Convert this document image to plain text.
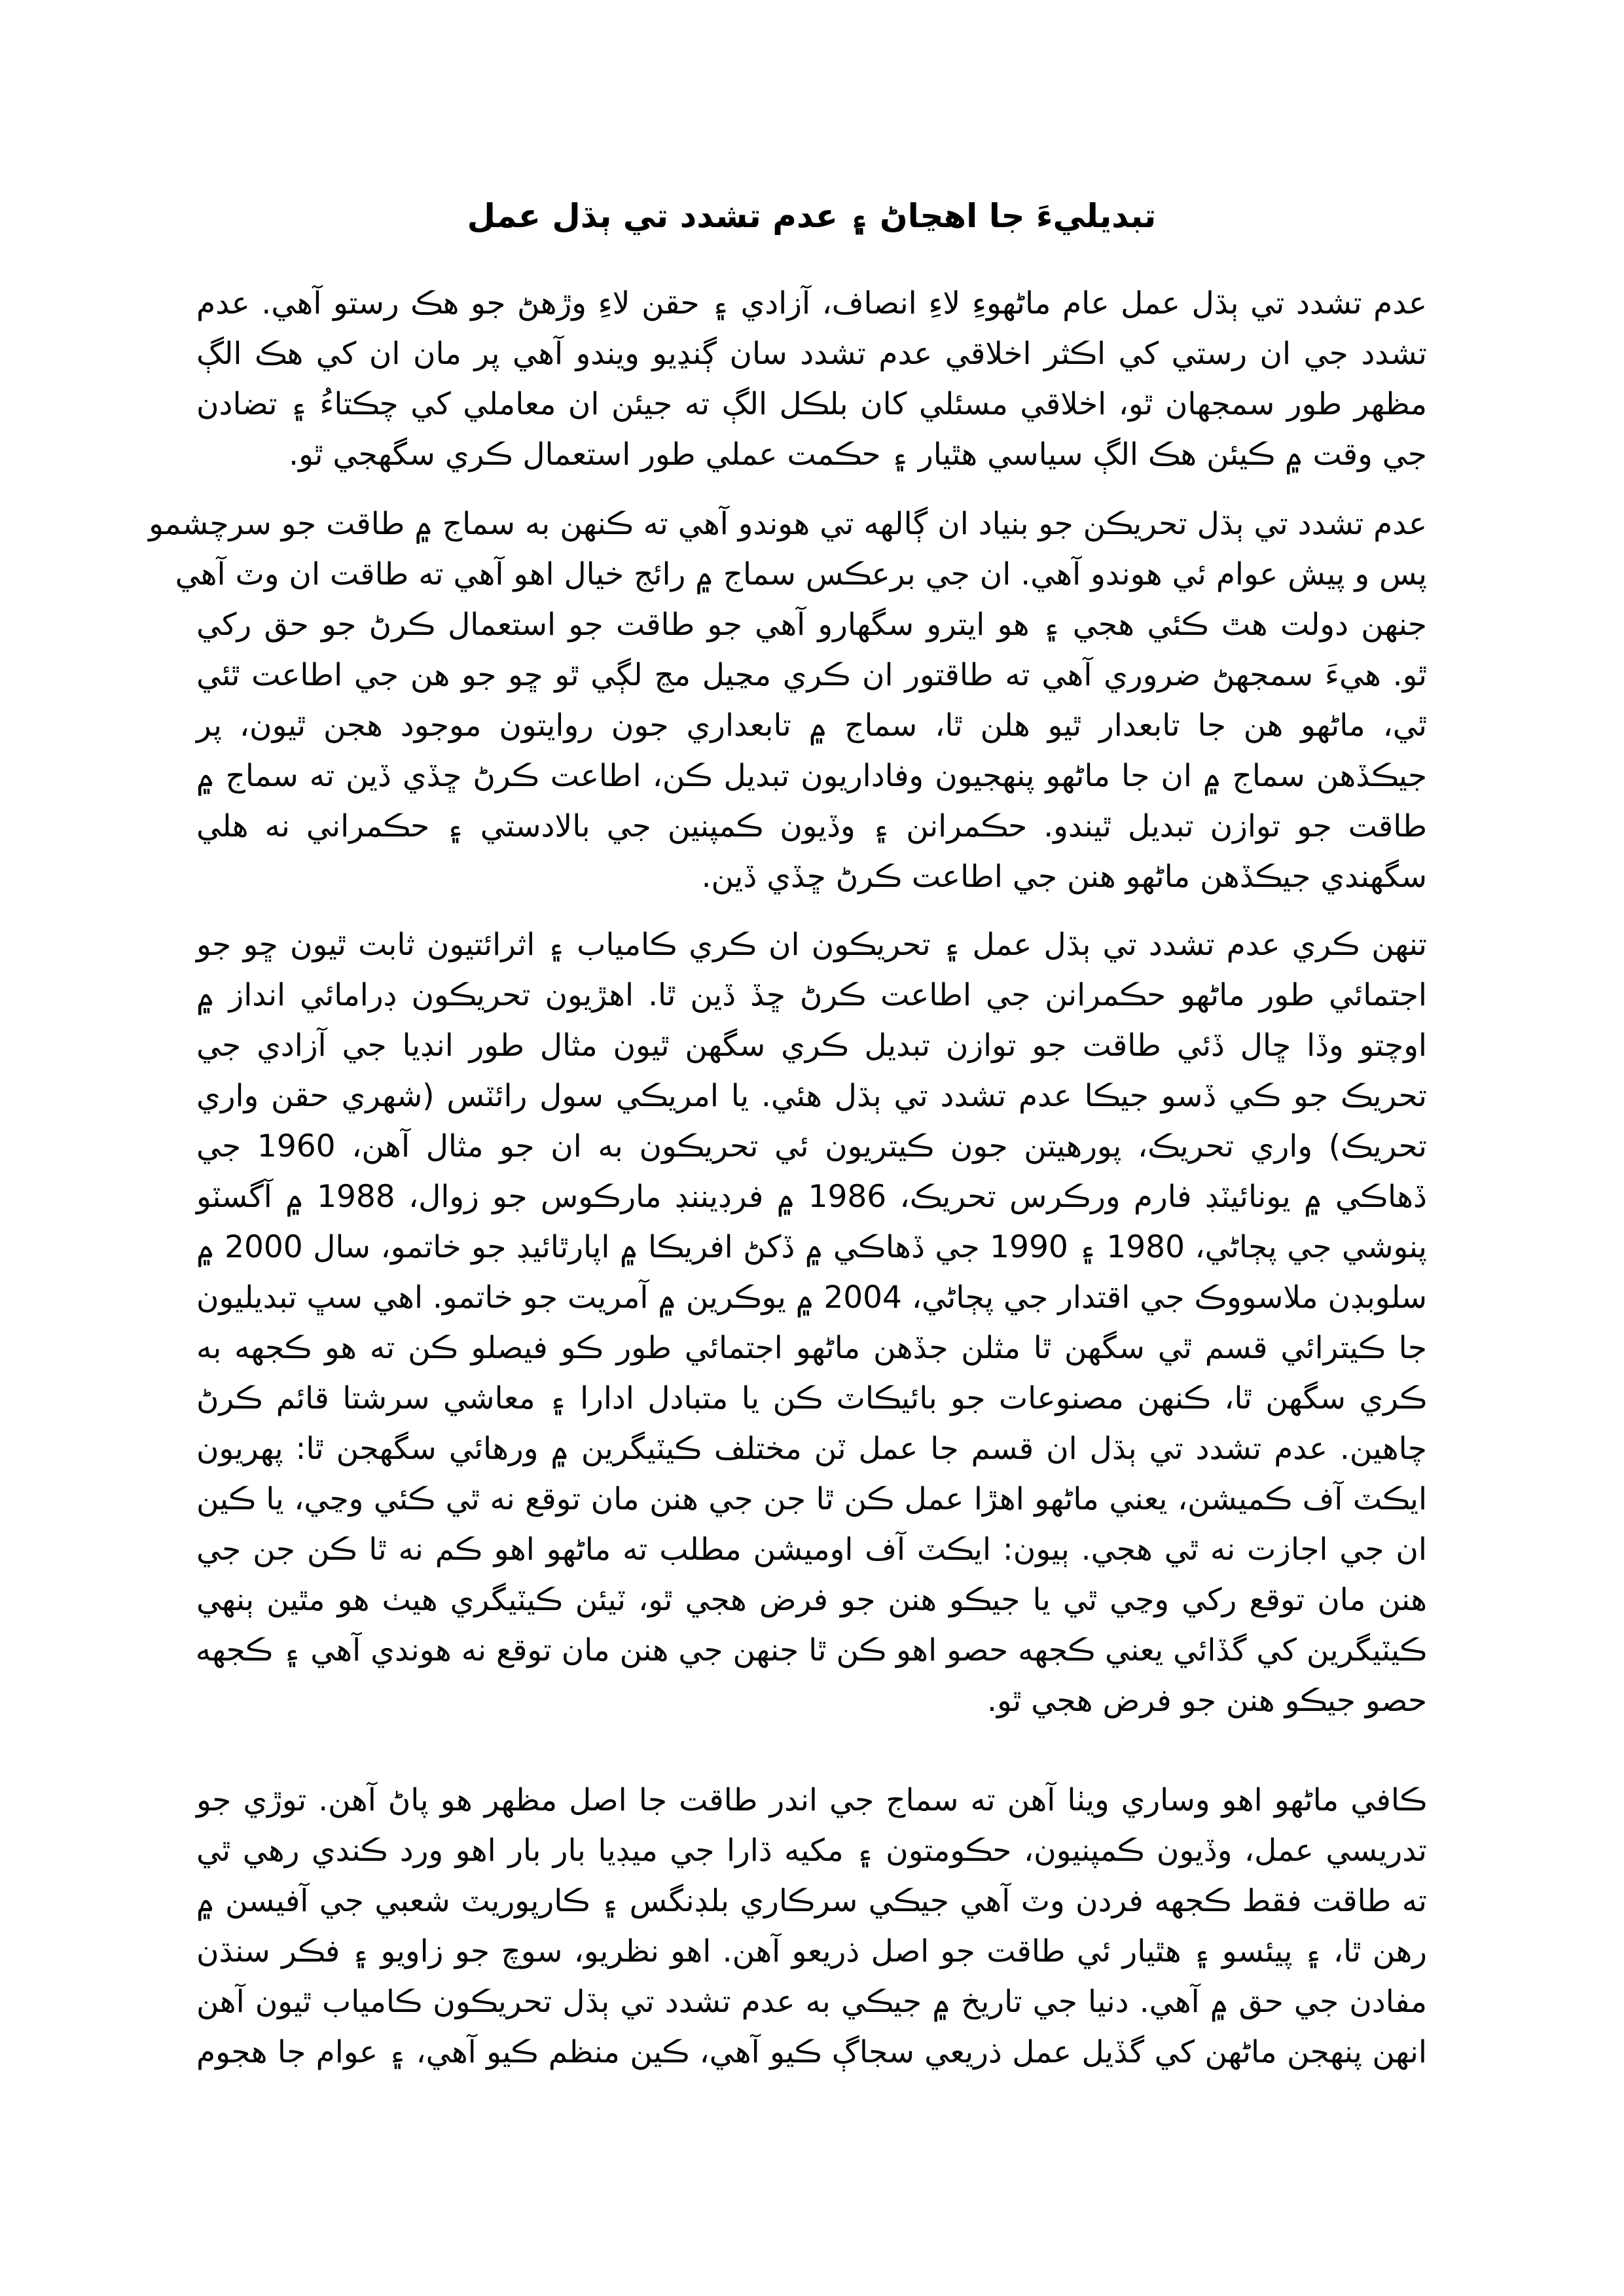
تبديليءَ جا اهڃاڻ ۽ عدم تشدد تي ٻڌل عمل
عدم تشدد تي ٻڌل عمل عام ماڻهوءِ لاءِ انصاف، آزادي ۽ حقن لاءِ وڙهڻ جو هڪ رستو آهي. عدم
تشدد جي ان رستي کي اڪثر اخلاقي عدم تشدد سان ڳنڍيو ويندو آهي پر مان ان کي هڪ الڳ
مظهر طور سمجهان ٿو، اخلاقي مسئلي کان بلڪل الڳ ته جيئن ان معاملي کي چڪتاءُ ۽ تضادن
جي وقت ۾ ڪيئن هڪ الڳ سياسي هٿيار ۽ حڪمت عملي طور استعمال ڪري سگهجي ٿو.
عدم تشدد تي ٻڌل تحريڪن جو بنياد ان ڳالهه تي هوندو آهي ته ڪنهن به سماج ۾ طاقت جو سرچشمو
پس و پيش عوام ئي هوندو آهي. ان جي برعڪس سماج ۾ رائج خيال اهو آهي ته طاقت ان وٽ آهي
جنهن دولت هٿ ڪئي هجي ۽ هو ايترو سگهارو آهي جو طاقت جو استعمال ڪرڻ جو حق رکي
ٿو. هيءَ سمجهڻ ضروري آهي ته طاقتور ان ڪري مڃيل مڃ لڳي ٿو ڇو جو هن جي اطاعت ٿئي
ٿي، ماڻهو هن جا تابعدار ٿيو هلن ٿا، سماج ۾ تابعداري جون روايتون موجود هجن ٿيون، پر
جيڪڏهن سماج ۾ ان جا ماڻهو پنهجيون وفاداريون تبديل ڪن، اطاعت ڪرڻ ڇڏي ڏين ته سماج ۾
طاقت جو توازن تبديل ٿيندو. حڪمرانن ۽ وڏيون ڪمپنين جي بالادستي ۽ حڪمراني نه هلي
سگهندي جيڪڏهن ماڻهو هنن جي اطاعت ڪرڻ ڇڏي ڏين.
تنهن ڪري عدم تشدد تي ٻڌل عمل ۽ تحريڪون ان ڪري ڪامياب ۽ اثرائتيون ثابت ٿيون ڇو جو
اجتمائي طور ماڻهو حڪمرانن جي اطاعت ڪرڻ ڇڏ ڏين ٿا. اهڙيون تحريڪون ڊرامائي انداز ۾
اوچتو وڏا ڇال ڏئي طاقت جو توازن تبديل ڪري سگهن ٿيون مثال طور انڊيا جي آزادي جي
تحريڪ جو ڪي ڏسو جيڪا عدم تشدد تي ٻڌل هئي. يا امريڪي سول رائٽس (شهري حقن واري
تحريڪ) واري تحريڪ، پورهيتن جون ڪيتريون ئي تحريڪون به ان جو مثال آهن، 1960 جي
ڏهاڪي ۾ يونائيٽڊ فارم ورڪرس تحريڪ، 1986 ۾ فرڊيننڊ مارڪوس جو زوال، 1988 ۾ آگسٽو
پنوشي جي پڄاڻي، 1980 ۽ 1990 جي ڏهاڪي ۾ ڏکڻ افريڪا ۾ اپارٿائيڊ جو خاتمو، سال 2000 ۾
سلوبڊن ملاسووڪ جي اقتدار جي پڄاڻي، 2004 ۾ يوڪرين ۾ آمريت جو خاتمو. اهي سڀ تبديليون
جا ڪيترائي قسم ٿي سگهن ٿا مثلن جڏهن ماڻهو اجتمائي طور ڪو فيصلو ڪن ته هو ڪجهه به
ڪري سگهن ٿا، ڪنهن مصنوعات جو بائيڪاٽ ڪن يا متبادل ادارا ۽ معاشي سرشتا قائم ڪرڻ
چاهين. عدم تشدد تي ٻڌل ان قسم جا عمل ٽن مختلف ڪيٽيگرين ۾ ورهائي سگهجن ٿا: پهريون
ايڪٽ آف ڪميشن، يعني ماڻهو اهڙا عمل ڪن ٿا جن جي هنن مان توقع نه ٿي ڪئي وڃي، يا ڪين
ان جي اجازت نه ٿي هجي. ٻيون: ايڪٽ آف اوميشن مطلب ته ماڻهو اهو ڪم نه ٿا ڪن جن جي
هنن مان توقع رکي وڃي ٿي يا جيڪو هنن جو فرض هجي ٿو، ٽيئن ڪيٽيگري هيٺ هو مٿين ٻنهي
ڪيٽيگرين کي گڏائي يعني ڪجهه حصو اهو ڪن ٿا جنهن جي هنن مان توقع نه هوندي آهي ۽ ڪجهه
حصو جيڪو هنن جو فرض هجي ٿو.
ڪافي ماڻهو اهو وساري ويٺا آهن ته سماج جي اندر طاقت جا اصل مظهر هو پاڻ آهن. توڙي جو
تدريسي عمل، وڏيون ڪمپنيون، حڪومتون ۽ مکيه ڌارا جي ميڊيا بار بار اهو ورد ڪندي رهي ٿي
ته طاقت فقط ڪجهه فردن وٽ آهي جيڪي سرڪاري بلڊنگس ۽ ڪارپوريٽ شعبي جي آفيسن ۾
رهن ٿا، ۽ پيئسو ۽ هٿيار ئي طاقت جو اصل ذريعو آهن. اهو نظريو، سوچ جو زاويو ۽ فڪر سنڌن
مفادن جي حق ۾ آهي. دنيا جي تاريخ ۾ جيڪي به عدم تشدد تي ٻڌل تحريڪون ڪامياب ٿيون آهن
انهن پنهجن ماڻهن کي گڏيل عمل ذريعي سجاڳ ڪيو آهي، ڪين منظم ڪيو آهي، ۽ عوام جا هجوم
